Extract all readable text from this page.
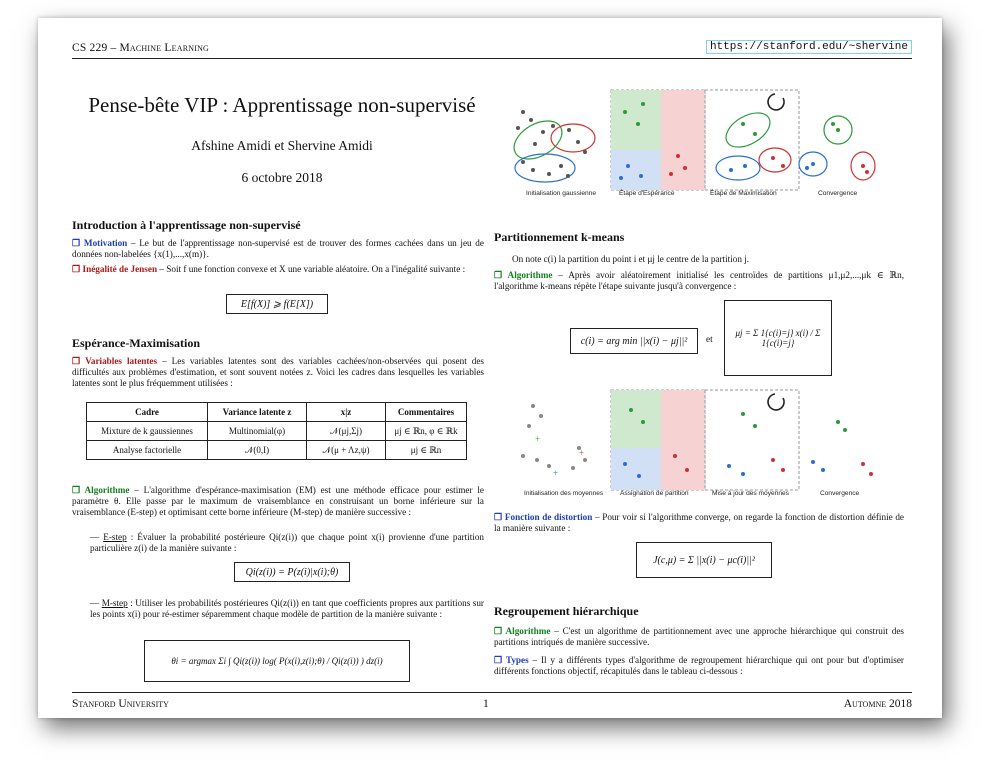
CS 229 – Machine Learning	https://stanford.edu/~shervine
Pense-bête VIP : Apprentissage non-supervisé
Afshine Amidi et Shervine Amidi
6 octobre 2018
Introduction à l'apprentissage non-supervisé
❒ Motivation – Le but de l'apprentissage non-supervisé est de trouver des formes cachées dans un jeu de données non-labelées {x(1),...,x(m)}.
❒ Inégalité de Jensen – Soit f une fonction convexe et X une variable aléatoire. On a l'inégalité suivante :
E[f(X)] ⩾ f(E[X])
Espérance-Maximisation
❒ Variables latentes – Les variables latentes sont des variables cachées/non-observées qui posent des difficultés aux problèmes d'estimation, et sont souvent notées z. Voici les cadres dans lesquelles les variables latentes sont le plus fréquemment utilisées :
Cadre	Variance latente z	x|z	Commentaires
Mixture de k gaussiennes	Multinomial(φ)	𝒩(μj,Σj)	μj ∈ ℝn, φ ∈ ℝk
Analyse factorielle	𝒩(0,I)	𝒩(μ + Λz,ψ)	μj ∈ ℝn
❒ Algorithme – L'algorithme d'espérance-maximisation (EM) est une méthode efficace pour estimer le paramètre θ. Elle passe par le maximum de vraisemblance en construisant un borne inférieure sur la vraisemblance (E-step) et optimisant cette borne inférieure (M-step) de manière successive :
— E-step : Évaluer la probabilité postérieure Qi(z(i)) que chaque point x(i) provienne d'une partition particulière z(i) de la manière suivante :
Qi(z(i)) = P(z(i)|x(i);θ)
— M-step : Utiliser les probabilités postérieures Qi(z(i)) en tant que coefficients propres aux partitions sur les points x(i) pour ré-estimer séparemment chaque modèle de partition de la manière suivante :
θi = argmax Σi ∫ Qi(z(i)) log( P(x(i),z(i);θ) / Qi(z(i)) ) dz(i)
Initialisation gaussienne	Étape d'Espérance	Étape de Maximisation	Convergence
Partitionnement k-means
On note c(i) la partition du point i et μj le centre de la partition j.
❒ Algorithme – Après avoir aléatoirement initialisé les centroïdes de partitions μ1,μ2,...,μk ∈ ℝn, l'algorithme k-means répète l'étape suivante jusqu'à convergence :
c(i) = arg min ||x(i) − μj||²	et
μj = Σ 1{c(i)=j} x(i) / Σ 1{c(i)=j}
+
+
+
Initialisation des moyennes	Assignation de partition	Mise à jour des moyennes	Convergence
❒ Fonction de distortion – Pour voir si l'algorithme converge, on regarde la fonction de distortion définie de la manière suivante :
J(c,μ) = Σ ||x(i) − μc(i)||²
Regroupement hiérarchique
❒ Algorithme – C'est un algorithme de partitionnement avec une approche hiérarchique qui construit des partitions intriqués de manière successive.
❒ Types – Il y a différents types d'algorithme de regroupement hiérarchique qui ont pour but d'optimiser différents fonctions objectif, récapitulés dans le tableau ci-dessous :
Stanford University	1	Automne 2018
